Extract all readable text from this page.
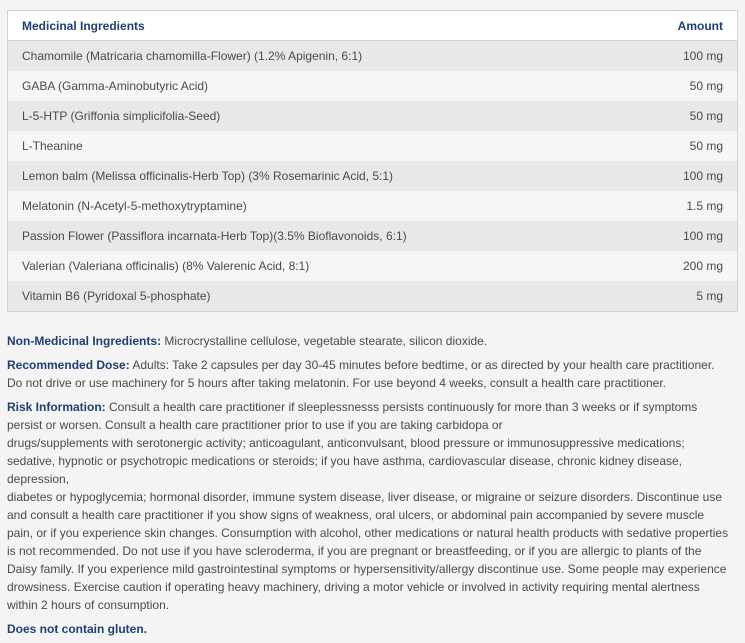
Medicinal Ingredients	Amount
Chamomile (Matricaria chamomilla-Flower) (1.2% Apigenin, 6:1)	100 mg
GABA (Gamma-Aminobutyric Acid)	50 mg
L-5-HTP (Griffonia simplicifolia-Seed)	50 mg
L-Theanine	50 mg
Lemon balm (Melissa officinalis-Herb Top) (3% Rosemarinic Acid, 5:1)	100 mg
Melatonin (N-Acetyl-5-methoxytryptamine)	1.5 mg
Passion Flower (Passiflora incarnata-Herb Top)(3.5% Bioflavonoids, 6:1)	100 mg
Valerian (Valeriana officinalis) (8% Valerenic Acid, 8:1)	200 mg
Vitamin B6 (Pyridoxal 5-phosphate)	5 mg

Non-Medicinal Ingredients: Microcrystalline cellulose, vegetable stearate, silicon dioxide.

Recommended Dose: Adults: Take 2 capsules per day 30-45 minutes before bedtime, or as directed by your health care practitioner. Do not drive or use machinery for 5 hours after taking melatonin. For use beyond 4 weeks, consult a health care practitioner.

Risk Information: Consult a health care practitioner if sleeplessnesss persists continuously for more than 3 weeks or if symptoms persist or worsen. Consult a health care practitioner prior to use if you are taking carbidopa or

drugs/supplements with serotonergic activity; anticoagulant, anticonvulsant, blood pressure or immunosuppressive medications; sedative, hypnotic or psychotropic medications or steroids; if you have asthma, cardiovascular disease, chronic kidney disease, depression,

diabetes or hypoglycemia; hormonal disorder, immune system disease, liver disease, or migraine or seizure disorders. Discontinue use and consult a health care practitioner if you show signs of weakness, oral ulcers, or abdominal pain accompanied by severe muscle pain, or if you experience skin changes. Consumption with alcohol, other medications or natural health products with sedative properties is not recommended. Do not use if you have scleroderma, if you are pregnant or breastfeeding, or if you are allergic to plants of the Daisy family. If you experience mild gastrointestinal symptoms or hypersensitivity/allergy discontinue use. Some people may experience drowsiness. Exercise caution if operating heavy machinery, driving a motor vehicle or involved in activity requiring mental alertness within 2 hours of consumption.

Does not contain gluten.
